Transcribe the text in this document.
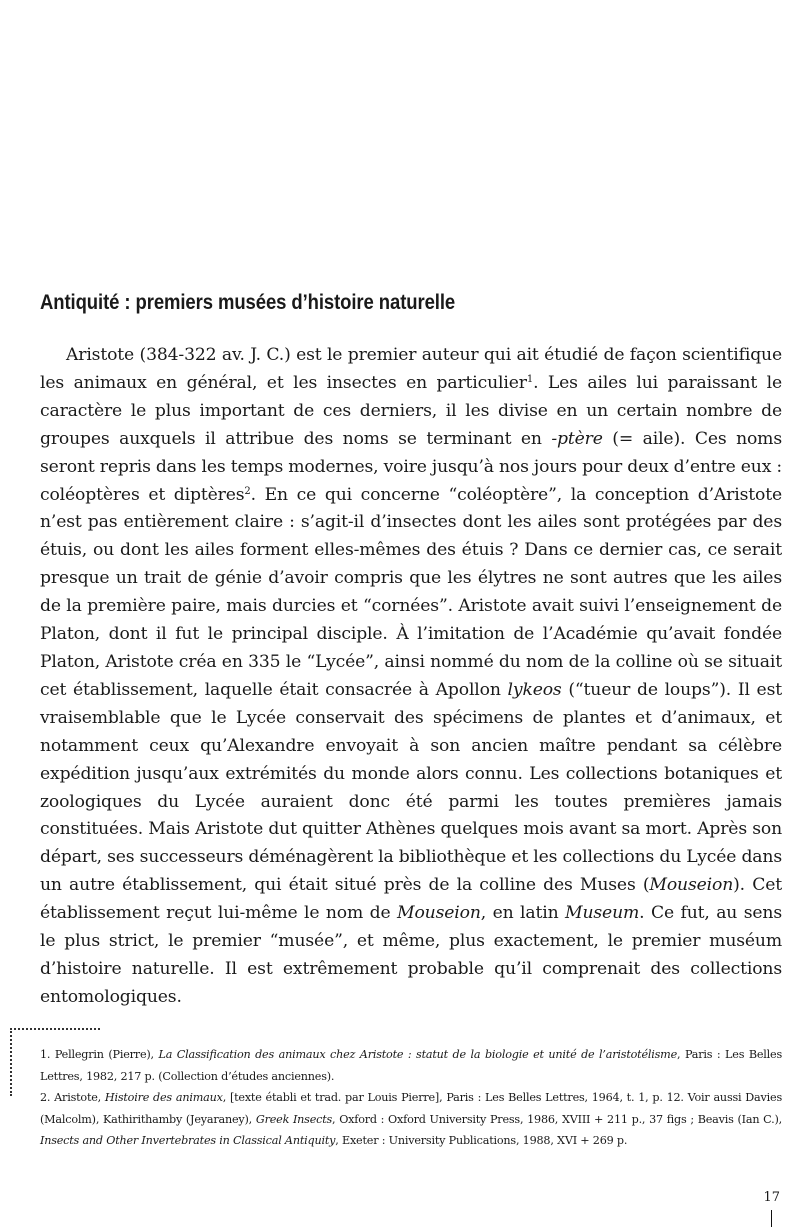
Antiquité : premiers musées d’histoire naturelle

Aristote (384-322 av. J. C.) est le premier auteur qui ait étudié de façon scientifique les animaux en général, et les insectes en particulier$^1$. Les ailes lui paraissant le caractère le plus important de ces derniers, il les divise en un certain nombre de groupes auxquels il attribue des noms se terminant en -ptère (= aile). Ces noms seront repris dans les temps modernes, voire jusqu’à nos jours pour deux d’entre eux : coléoptères et diptères$^2$. En ce qui concerne “coléoptère”, la conception d’Aristote n’est pas entièrement claire : s’agit-il d’insectes dont les ailes sont protégées par des étuis, ou dont les ailes forment elles-mêmes des étuis ? Dans ce dernier cas, ce serait presque un trait de génie d’avoir compris que les élytres ne sont autres que les ailes de la première paire, mais durcies et “cornées”. Aristote avait suivi l’enseignement de Platon, dont il fut le principal disciple. À l’imitation de l’Académie qu’avait fondée Platon, Aristote créa en 335 le “Lycée”, ainsi nommé du nom de la colline où se situait cet établissement, laquelle était consacrée à Apollon lykeos (“tueur de loups”). Il est vraisemblable que le Lycée conservait des spécimens de plantes et d’animaux, et notamment ceux qu’Alexandre envoyait à son ancien maître pendant sa célèbre expédition jusqu’aux extrémités du monde alors connu. Les collections botaniques et zoologiques du Lycée auraient donc été parmi les toutes premières jamais constituées. Mais Aristote dut quitter Athènes quelques mois avant sa mort. Après son départ, ses successeurs déménagèrent la bibliothèque et les collections du Lycée dans un autre établissement, qui était situé près de la colline des Muses (Mouseion). Cet établissement reçut lui-même le nom de Mouseion, en latin Museum. Ce fut, au sens le plus strict, le premier “musée”, et même, plus exactement, le premier muséum d’histoire naturelle. Il est extrêmement probable qu’il comprenait des collections entomologiques.

1. Pellegrin (Pierre), La Classification des animaux chez Aristote : statut de la biologie et unité de l’aristotélisme, Paris : Les Belles Lettres, 1982, 217 p. (Collection d’études anciennes).

2. Aristote, Histoire des animaux, [texte établi et trad. par Louis Pierre], Paris : Les Belles Lettres, 1964, t. 1, p. 12. Voir aussi Davies (Malcolm), Kathirithamby (Jeyaraney), Greek Insects, Oxford : Oxford University Press, 1986, XVIII + 211 p., 37 figs ; Beavis (Ian C.), Insects and Other Invertebrates in Classical Antiquity, Exeter : University Publications, 1988, XVI + 269 p.

17
